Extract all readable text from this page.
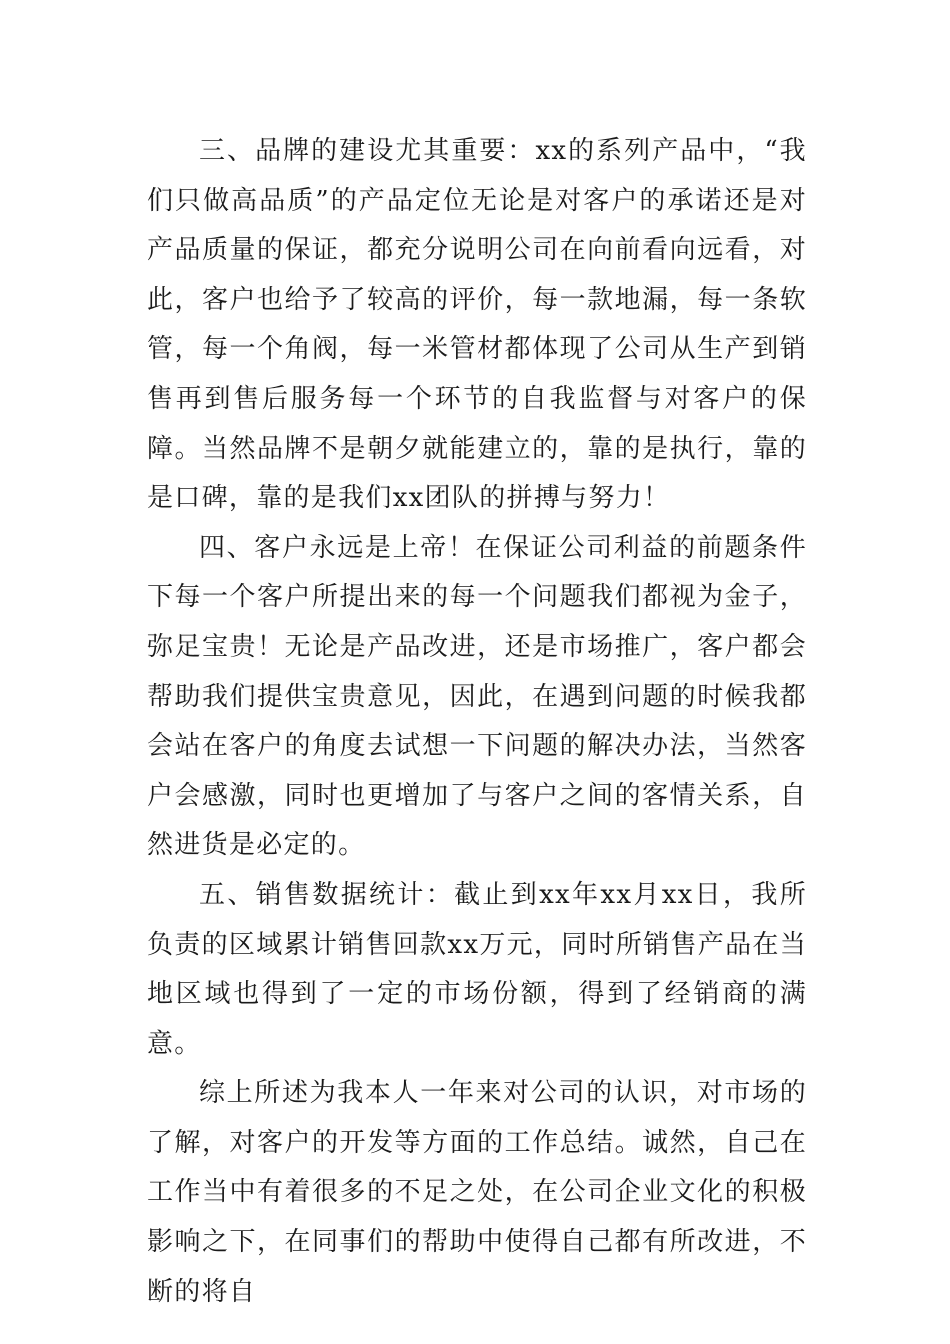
三、品牌的建设尤其重要：xx的系列产品中，“我们只做高品质”的产品定位无论是对客户的承诺还是对产品质量的保证，都充分说明公司在向前看向远看，对此，客户也给予了较高的评价，每一款地漏，每一条软管，每一个角阀，每一米管材都体现了公司从生产到销售再到售后服务每一个环节的自我监督与对客户的保障。当然品牌不是朝夕就能建立的，靠的是执行，靠的是口碑，靠的是我们xx团队的拼搏与努力！

四、客户永远是上帝！在保证公司利益的前题条件下每一个客户所提出来的每一个问题我们都视为金子，弥足宝贵！无论是产品改进，还是市场推广，客户都会帮助我们提供宝贵意见，因此，在遇到问题的时候我都会站在客户的角度去试想一下问题的解决办法，当然客户会感激，同时也更增加了与客户之间的客情关系，自然进货是必定的。

五、销售数据统计：截止到xx年xx月xx日，我所负责的区域累计销售回款xx万元，同时所销售产品在当地区域也得到了一定的市场份额，得到了经销商的满意。

综上所述为我本人一年来对公司的认识，对市场的了解，对客户的开发等方面的工作总结。诚然，自己在工作当中有着很多的不足之处，在公司企业文化的积极影响之下，在同事们的帮助中使得自己都有所改进，不断的将自
